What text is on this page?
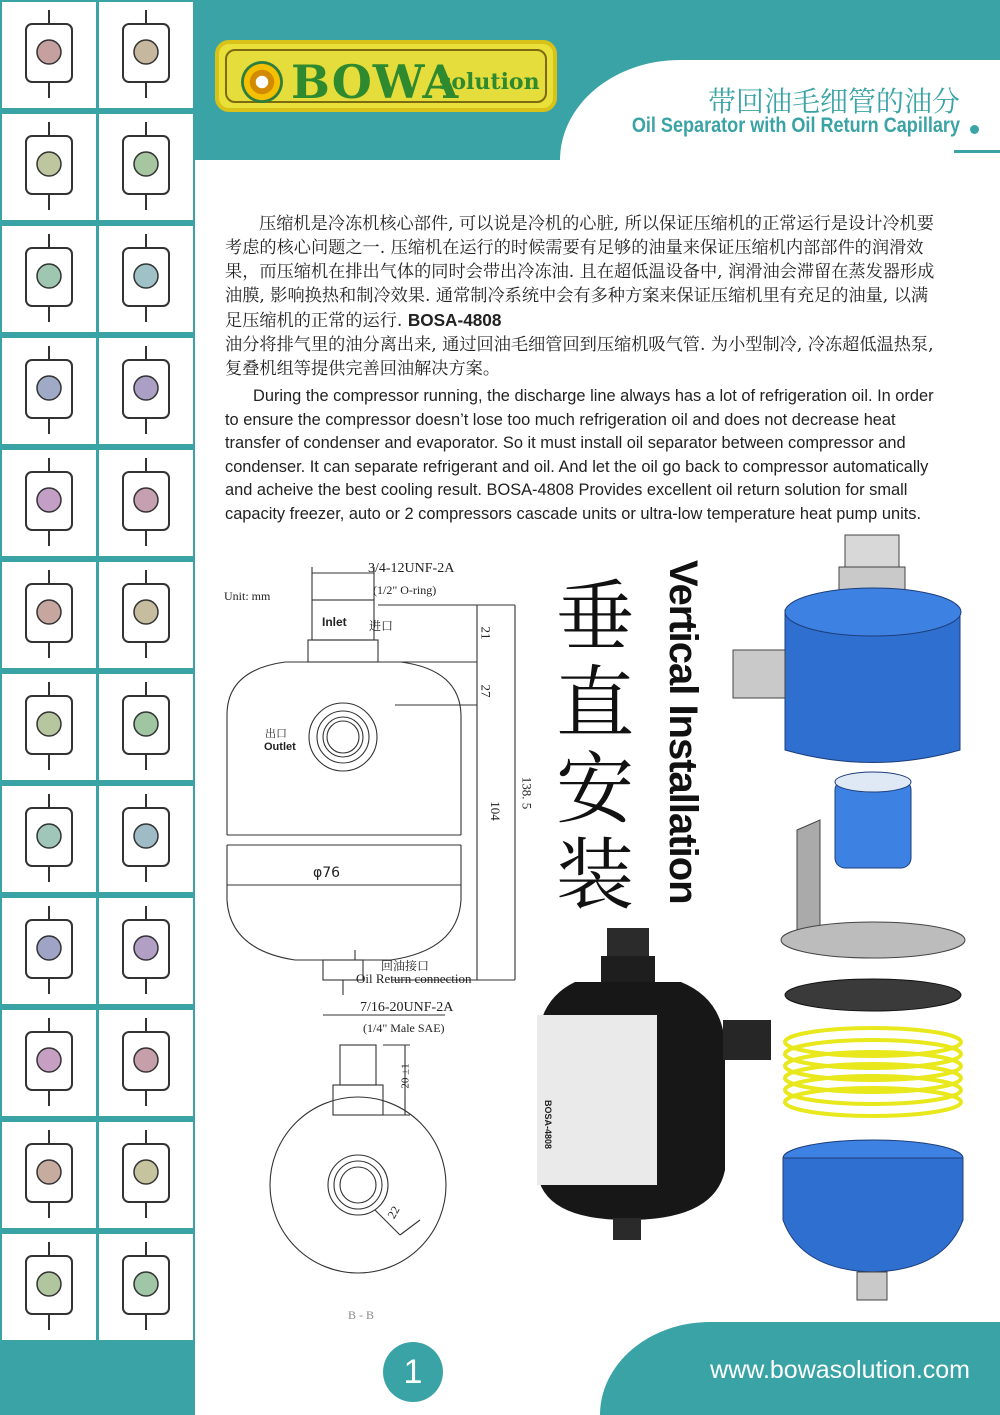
BOWA
solution
带回油毛细管的油分
Oil Separator with Oil Return Capillary
压缩机是冷冻机核心部件, 可以说是冷机的心脏, 所以保证压缩机的正常运行是设计冷机要考虑的核心问题之一. 压缩机在运行的时候需要有足够的油量来保证压缩机内部部件的润滑效果，而压缩机在排出气体的同时会带出冷冻油. 且在超低温设备中, 润滑油会滞留在蒸发器形成油膜, 影响换热和制冷效果. 通常制冷系统中会有多种方案来保证压缩机里有充足的油量, 以满足压缩机的正常的运行. BOSA-4808
油分将排气里的油分离出来, 通过回油毛细管回到压缩机吸气管. 为小型制冷, 冷冻超低温热泵, 复叠机组等提供完善回油解决方案。
During the compressor running, the discharge line always has a lot of refrigeration oil. In order to ensure the compressor doesn’t lose too much refrigeration oil and does not decrease heat transfer of condenser and evaporator. So it must install oil separator between compressor and condenser. It can separate refrigerant and oil. And let the oil go back to compressor automatically and acheive the best cooling result. BOSA-4808 Provides excellent oil return solution for small capacity freezer, auto or 2 compressors cascade units or ultra-low temperature heat pump units.
Unit: mm
3/4-12UNF-2A
(1/2" O-ring)
Inlet 进口
出口
Outlet
21
27
104
138. 5
φ76
回油接口
Oil Return connection
7/16-20UNF-2A
(1/4" Male SAE)
20 ±1
22
B - B
垂直安装 Vertical Installation
BOSA-4808
www.bowasolution.com
1
